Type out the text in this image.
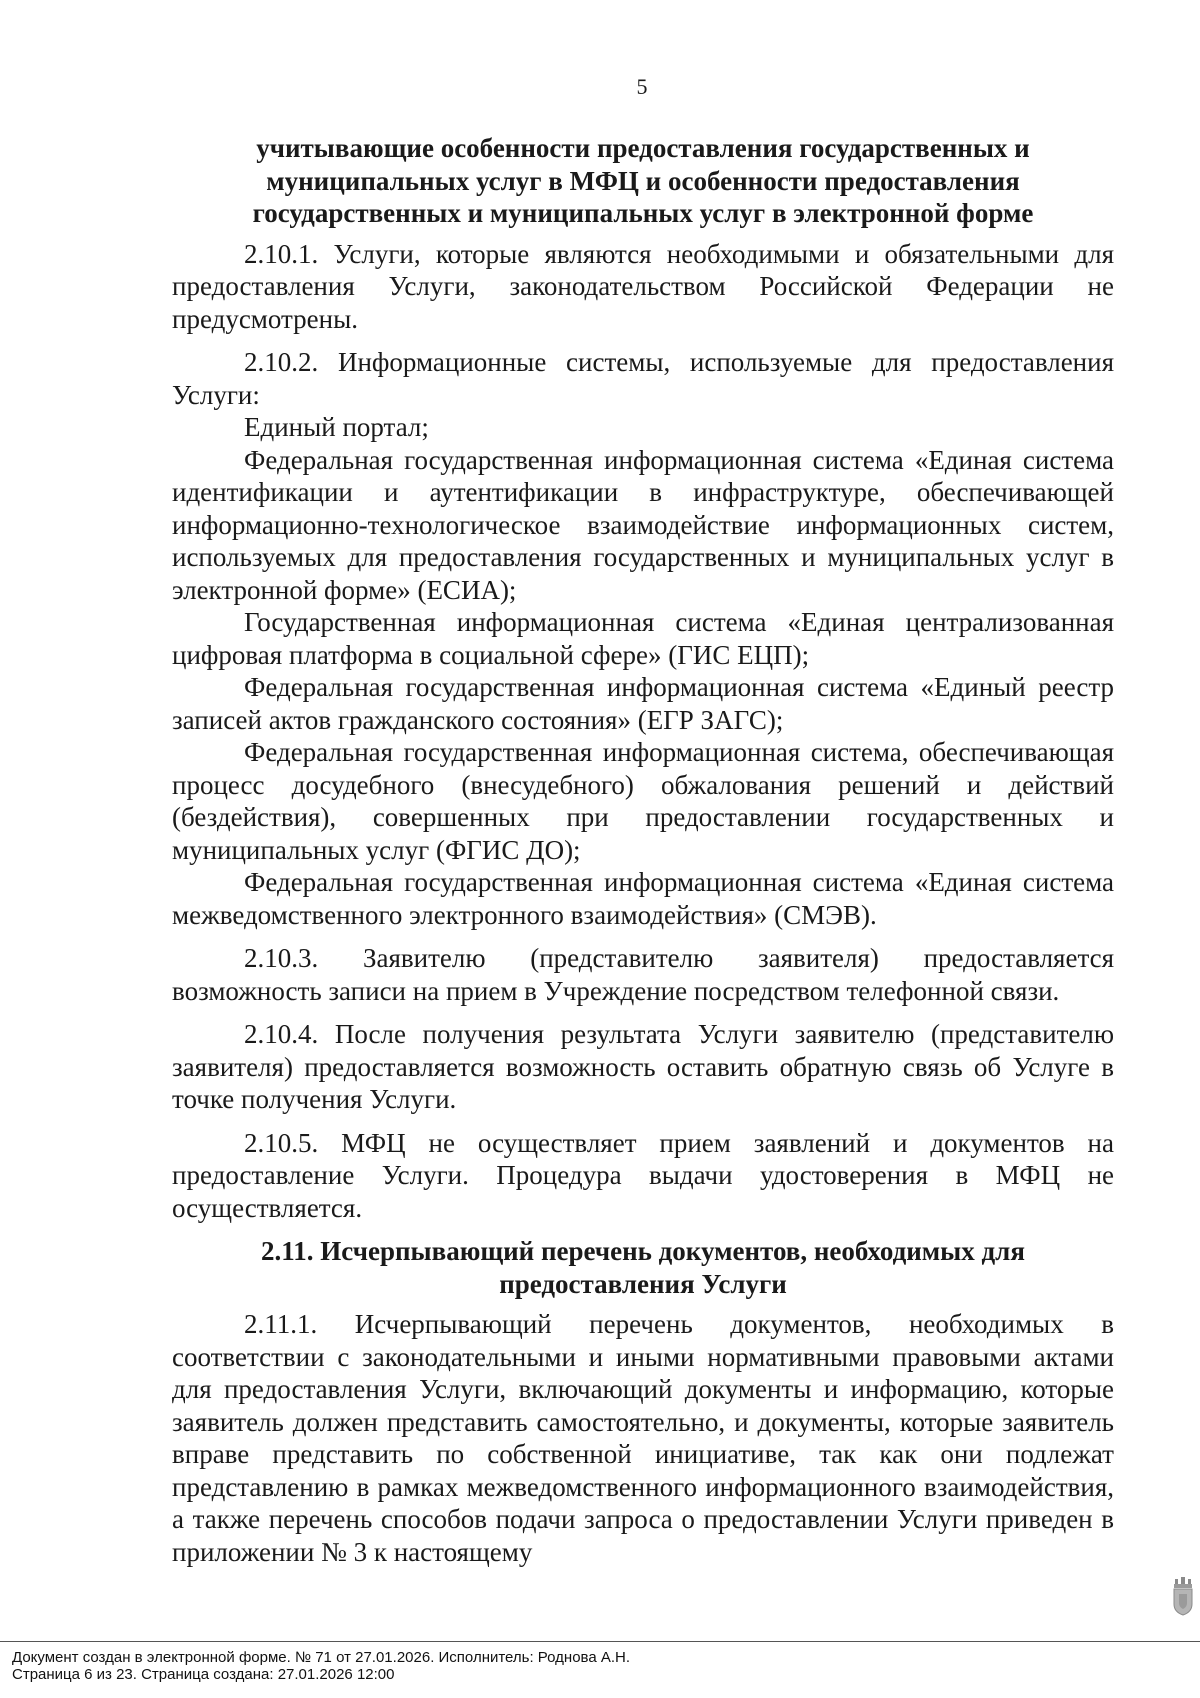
5

учитывающие особенности предоставления государственных и муниципальных услуг в МФЦ и особенности предоставления государственных и муниципальных услуг в электронной форме

2.10.1. Услуги, которые являются необходимыми и обязательными для предоставления Услуги, законодательством Российской Федерации не предусмотрены.

2.10.2. Информационные системы, используемые для предоставления Услуги:

Единый портал;

Федеральная государственная информационная система «Единая система идентификации и аутентификации в инфраструктуре, обеспечивающей информационно-технологическое взаимодействие информационных систем, используемых для предоставления государственных и муниципальных услуг в электронной форме» (ЕСИА);

Государственная информационная система «Единая централизованная цифровая платформа в социальной сфере» (ГИС ЕЦП);

Федеральная государственная информационная система «Единый реестр записей актов гражданского состояния» (ЕГР ЗАГС);

Федеральная государственная информационная система, обеспечивающая процесс досудебного (внесудебного) обжалования решений и действий (бездействия), совершенных при предоставлении государственных и муниципальных услуг (ФГИС ДО);

Федеральная государственная информационная система «Единая система межведомственного электронного взаимодействия» (СМЭВ).

2.10.3. Заявителю (представителю заявителя) предоставляется возможность записи на прием в Учреждение посредством телефонной связи.

2.10.4. После получения результата Услуги заявителю (представителю заявителя) предоставляется возможность оставить обратную связь об Услуге в точке получения Услуги.

2.10.5. МФЦ не осуществляет прием заявлений и документов на предоставление Услуги. Процедура выдачи удостоверения в МФЦ не осуществляется.

2.11. Исчерпывающий перечень документов, необходимых для предоставления Услуги

2.11.1. Исчерпывающий перечень документов, необходимых в соответствии с законодательными и иными нормативными правовыми актами для предоставления Услуги, включающий документы и информацию, которые заявитель должен представить самостоятельно, и документы, которые заявитель вправе представить по собственной инициативе, так как они подлежат представлению в рамках межведомственного информационного взаимодействия, а также перечень способов подачи запроса о предоставлении Услуги приведен в приложении № 3 к настоящему

Документ создан в электронной форме. № 71 от 27.01.2026. Исполнитель: Роднова А.Н.
Страница 6 из 23. Страница создана: 27.01.2026 12:00
